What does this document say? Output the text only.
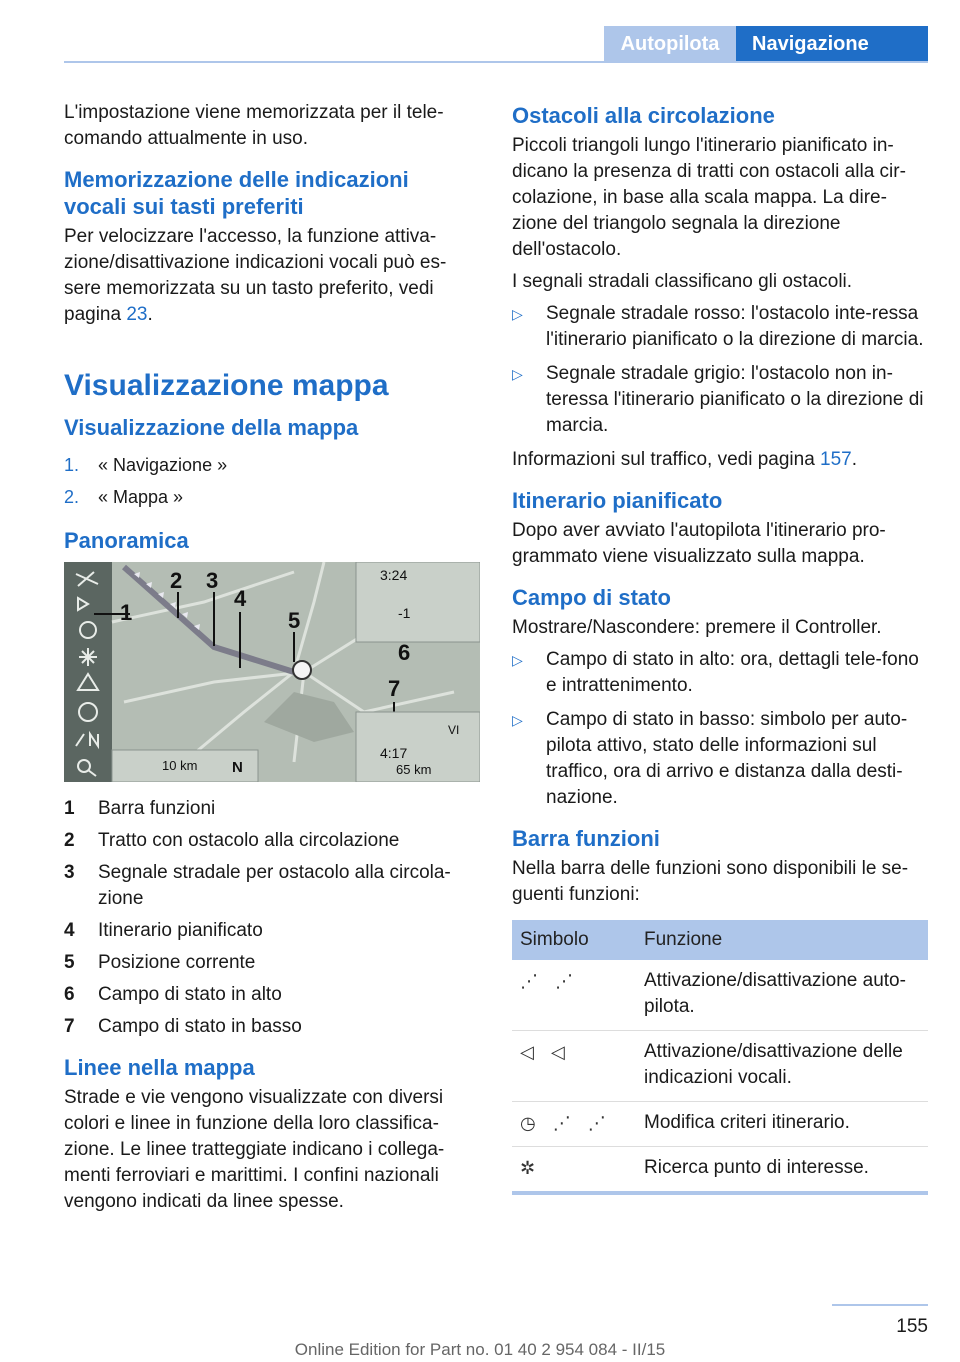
Autopilota	Navigazione

L'impostazione viene memorizzata per il tele-comando attualmente in uso.

Memorizzazione delle indicazioni vocali sui tasti preferiti

Per velocizzare l'accesso, la funzione attiva-zione/disattivazione indicazioni vocali può es-sere memorizzata su un tasto preferito, vedi pagina 23.

Visualizzazione mappa
Visualizzazione della mappa
1.	« Navigazione »
2.	« Mappa »
Panoramica
3:24
-1
VI
4:17
65 km
10 km N
1
2 3
4
5
6
7
1	Barra funzioni
2	Tratto con ostacolo alla circolazione
3	Segnale stradale per ostacolo alla circola-zione
4	Itinerario pianificato
5	Posizione corrente
6	Campo di stato in alto
7	Campo di stato in basso
Linee nella mappa

Strade e vie vengono visualizzate con diversi colori e linee in funzione della loro classifica-zione. Le linee tratteggiate indicano i collega-menti ferroviari e marittimi. I confini nazionali vengono indicati da linee spesse.

Ostacoli alla circolazione

Piccoli triangoli lungo l'itinerario pianificato in-dicano la presenza di tratti con ostacoli alla cir-colazione, in base alla scala mappa. La dire-zione del triangolo segnala la direzione dell'ostacolo.

I segnali stradali classificano gli ostacoli.

▷	Segnale stradale rosso: l'ostacolo inte-ressa l'itinerario pianificato o la direzione di marcia.
▷	Segnale stradale grigio: l'ostacolo non in-teressa l'itinerario pianificato o la direzione di marcia.

Informazioni sul traffico, vedi pagina 157.

Itinerario pianificato

Dopo aver avviato l'autopilota l'itinerario pro-grammato viene visualizzato sulla mappa.

Campo di stato

Mostrare/Nascondere: premere il Controller.

▷	Campo di stato in alto: ora, dettagli tele-fono e intrattenimento.
▷	Campo di stato in basso: simbolo per auto-pilota attivo, stato delle informazioni sul traffico, ora di arrivo e distanza dalla desti-nazione.
Barra funzioni

Nella barra delle funzioni sono disponibili le se-guenti funzioni:

Simbolo	Funzione
⋰ ⋰	Attivazione/disattivazione auto-pilota.
◁ ◁	Attivazione/disattivazione delle indicazioni vocali.
◷ ⋰ ⋰	Modifica criteri itinerario.
✲	Ricerca punto di interesse.
155
Online Edition for Part no. 01 40 2 954 084 - II/15
